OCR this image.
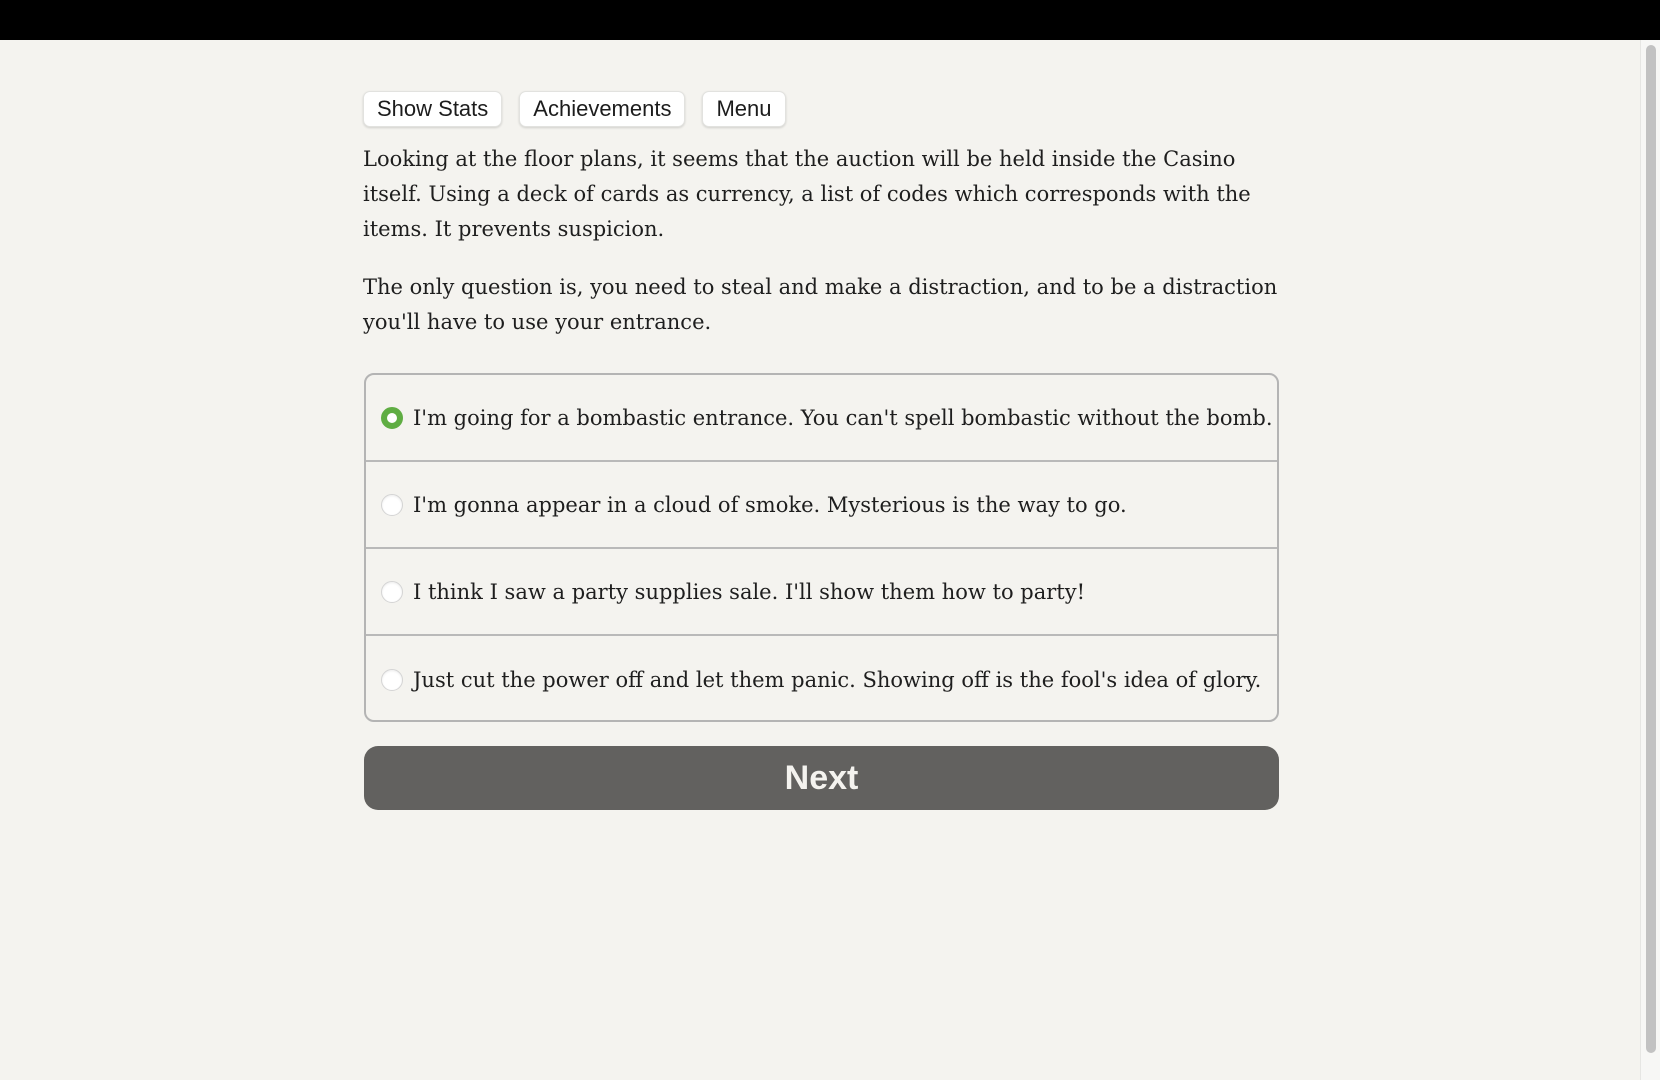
Show Stats	Achievements	Menu

Looking at the floor plans, it seems that the auction will be held inside the Casino itself. Using a deck of cards as currency, a list of codes which corresponds with the items. It prevents suspicion.

The only question is, you need to steal and make a distraction, and to be a distraction you'll have to use your entrance.

I'm going for a bombastic entrance. You can't spell bombastic without the bomb.
I'm gonna appear in a cloud of smoke. Mysterious is the way to go.
I think I saw a party supplies sale. I'll show them how to party!
Just cut the power off and let them panic. Showing off is the fool's idea of glory.
Next
